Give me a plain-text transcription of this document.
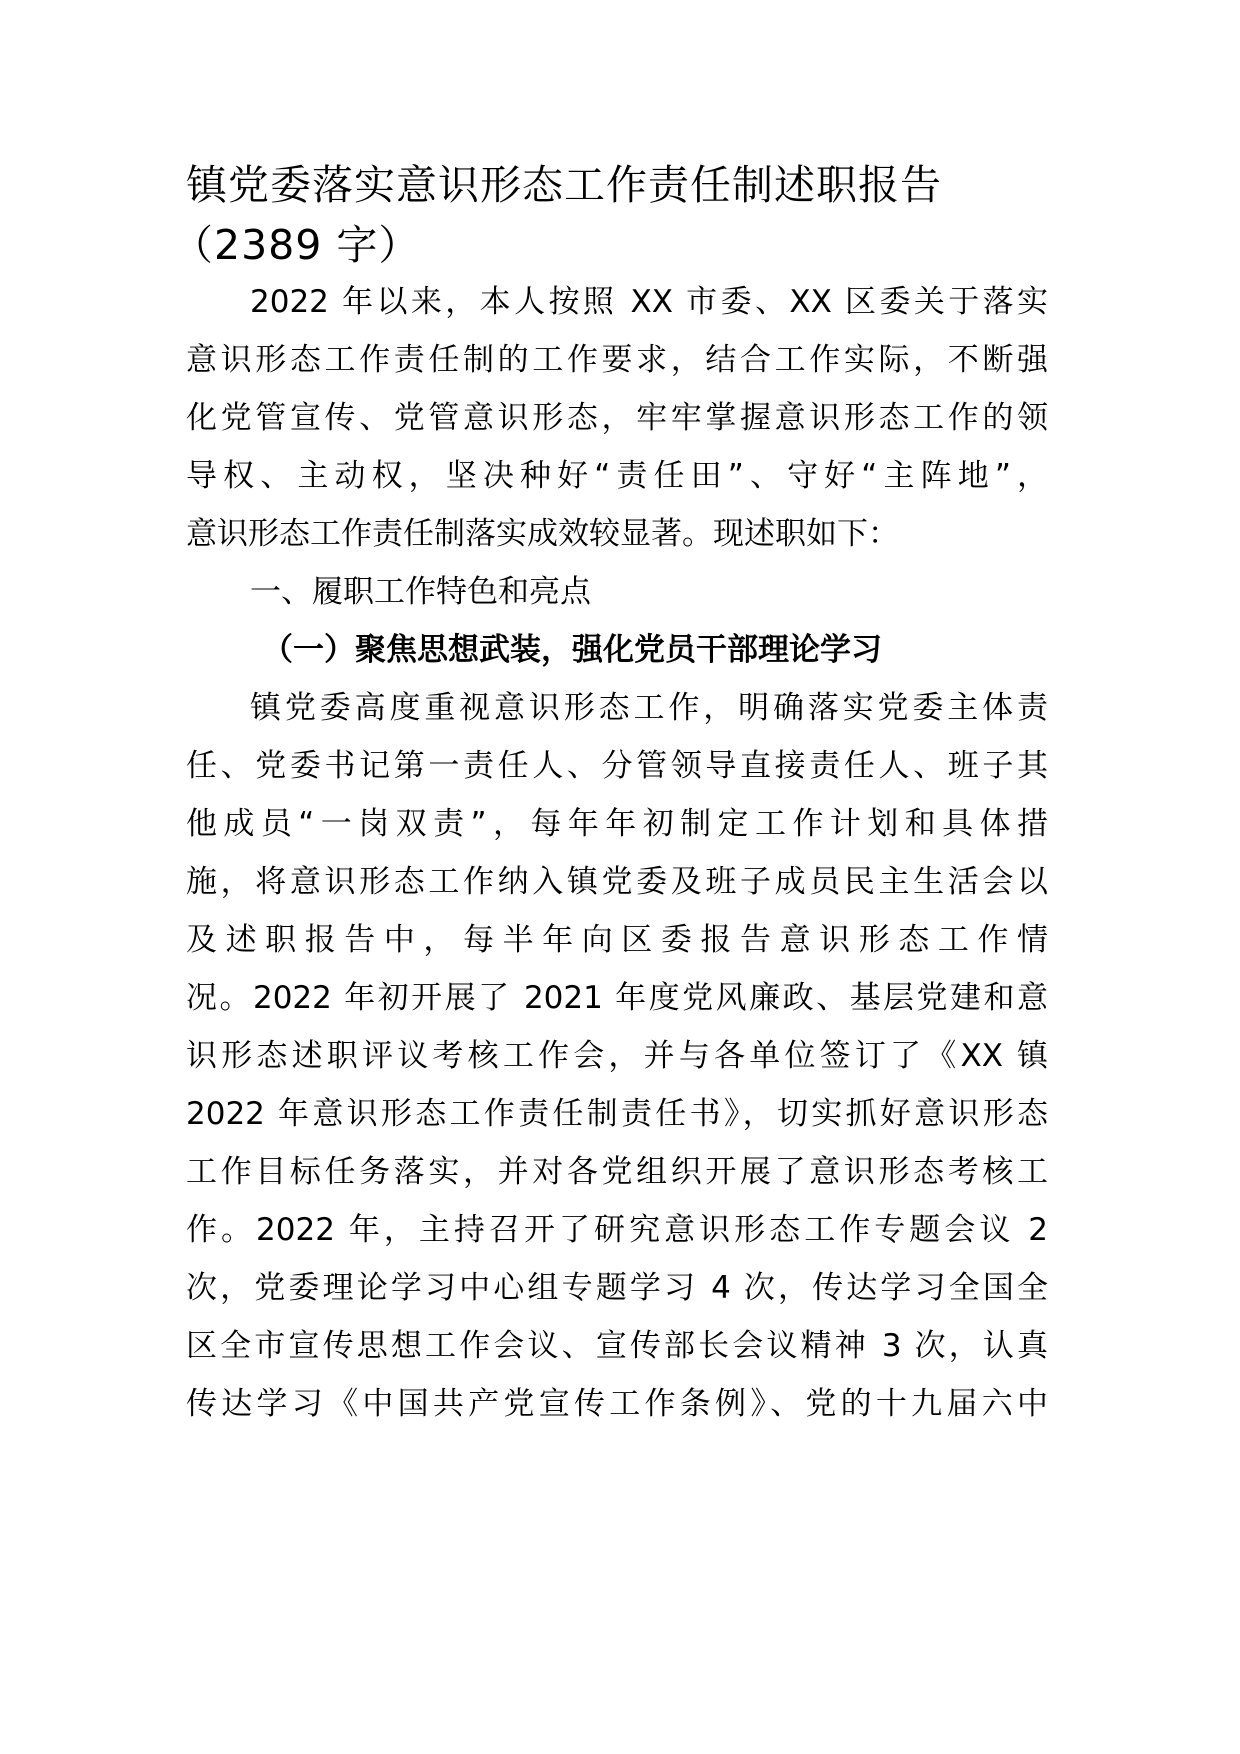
镇党委落实意识形态工作责任制述职报告
（2389 字）
2022 年以来，本人按照 XX 市委、XX 区委关于落实
意识形态工作责任制的工作要求，结合工作实际，不断强
化党管宣传、党管意识形态，牢牢掌握意识形态工作的领
导权、主动权，坚决种好“责任田”、守好“主阵地”，
意识形态工作责任制落实成效较显著。现述职如下：
一、履职工作特色和亮点
（一）聚焦思想武装，强化党员干部理论学习
镇党委高度重视意识形态工作，明确落实党委主体责
任、党委书记第一责任人、分管领导直接责任人、班子其
他成员“一岗双责”，每年年初制定工作计划和具体措
施，将意识形态工作纳入镇党委及班子成员民主生活会以
及述职报告中，每半年向区委报告意识形态工作情
况。2022 年初开展了 2021 年度党风廉政、基层党建和意
识形态述职评议考核工作会，并与各单位签订了《XX 镇
2022 年意识形态工作责任制责任书》，切实抓好意识形态
工作目标任务落实，并对各党组织开展了意识形态考核工
作。2022 年，主持召开了研究意识形态工作专题会议 2
次，党委理论学习中心组专题学习 4 次，传达学习全国全
区全市宣传思想工作会议、宣传部长会议精神 3 次，认真
传达学习《中国共产党宣传工作条例》、党的十九届六中
